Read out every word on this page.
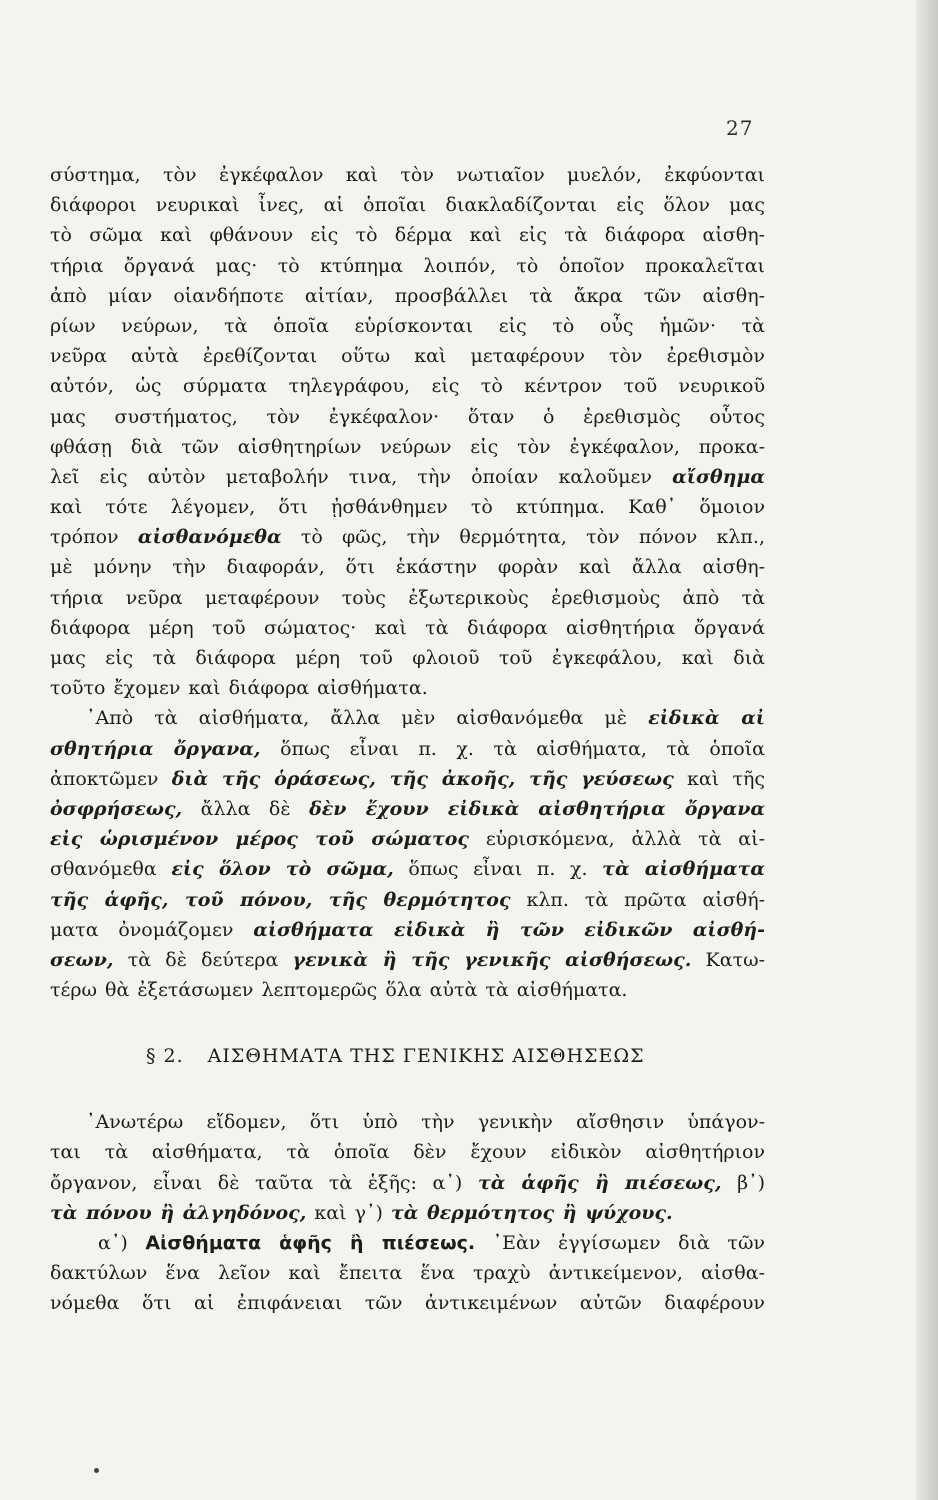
27
σύστημα, τὸν ἐγκέφαλον καὶ τὸν νωτιαῖον μυελόν, ἐκφύονται
διάφοροι νευρικαὶ ἶνες, αἱ ὁποῖαι διακλαδίζονται εἰς ὅλον μας
τὸ σῶμα καὶ φθάνουν εἰς τὸ δέρμα καὶ εἰς τὰ διάφορα αἰσθη-
τήρια ὄργανά μας· τὸ κτύπημα λοιπόν, τὸ ὁποῖον προκαλεῖται
ἀπὸ μίαν οἱανδήποτε αἰτίαν, προσβάλλει τὰ ἄκρα τῶν αἰσθη-
ρίων νεύρων, τὰ ὁποῖα εὑρίσκονται εἰς τὸ οὖς ἡμῶν· τὰ
νεῦρα αὐτὰ ἐρεθίζονται οὕτω καὶ μεταφέρουν τὸν ἐρεθισμὸν
αὐτόν, ὡς σύρματα τηλεγράφου, εἰς τὸ κέντρον τοῦ νευρικοῦ
μας συστήματος, τὸν ἐγκέφαλον· ὅταν ὁ ἐρεθισμὸς οὗτος
φθάσῃ διὰ τῶν αἰσθητηρίων νεύρων εἰς τὸν ἐγκέφαλον, προκα-
λεῖ εἰς αὐτὸν μεταβολήν τινα, τὴν ὁποίαν καλοῦμεν αἴσθημα
καὶ τότε λέγομεν, ὅτι ᾐσθάνθημεν τὸ κτύπημα. Καθ᾽ ὅμοιον
τρόπον αἰσθανόμεθα τὸ φῶς, τὴν θερμότητα, τὸν πόνον κλπ.,
μὲ μόνην τὴν διαφοράν, ὅτι ἑκάστην φορὰν καὶ ἄλλα αἰσθη-
τήρια νεῦρα μεταφέρουν τοὺς ἐξωτερικοὺς ἐρεθισμοὺς ἀπὸ τὰ
διάφορα μέρη τοῦ σώματος· καὶ τὰ διάφορα αἰσθητήρια ὄργανά
μας εἰς τὰ διάφορα μέρη τοῦ φλοιοῦ τοῦ ἐγκεφάλου, καὶ διὰ
τοῦτο ἔχομεν καὶ διάφορα αἰσθήματα.
᾽Απὸ τὰ αἰσθήματα, ἄλλα μὲν αἰσθανόμεθα μὲ εἰδικὰ αἰ
σθητήρια ὄργανα, ὅπως εἶναι π. χ. τὰ αἰσθήματα, τὰ ὁποῖα
ἀποκτῶμεν διὰ τῆς ὁράσεως, τῆς ἀκοῆς, τῆς γεύσεως καὶ τῆς
ὀσφρήσεως, ἄλλα δὲ δὲν ἔχουν εἰδικὰ αἰσθητήρια ὄργανα
εἰς ὡρισμένον μέρος τοῦ σώματος εὑρισκόμενα, ἀλλὰ τὰ αἰ-
σθανόμεθα εἰς ὅλον τὸ σῶμα, ὅπως εἶναι π. χ. τὰ αἰσθήματα
τῆς ἁφῆς, τοῦ πόνου, τῆς θερμότητος κλπ. τὰ πρῶτα αἰσθή-
ματα ὀνομάζομεν αἰσθήματα εἰδικὰ ἢ τῶν εἰδικῶν αἰσθή-
σεων, τὰ δὲ δεύτερα γενικὰ ἢ τῆς γενικῆς αἰσθήσεως. Κατω-
τέρω θὰ ἐξετάσωμεν λεπτομερῶς ὅλα αὐτὰ τὰ αἰσθήματα.
§ 2. ΑΙΣΘΗΜΑΤΑ ΤΗΣ ΓΕΝΙΚΗΣ ΑΙΣΘΗΣΕΩΣ
᾽Ανωτέρω εἴδομεν, ὅτι ὑπὸ τὴν γενικὴν αἴσθησιν ὑπάγον-
ται τὰ αἰσθήματα, τὰ ὁποῖα δὲν ἔχουν εἰδικὸν αἰσθητήριον
ὄργανον, εἶναι δὲ ταῦτα τὰ ἑξῆς: α᾽) τὰ ἁφῆς ἢ πιέσεως, β᾽)
τὰ πόνου ἢ ἀλγηδόνος, καὶ γ᾽) τὰ θερμότητος ἢ ψύχους.
α᾽) Αἰσθήματα ἁφῆς ἢ πιέσεως. ᾽Εὰν ἐγγίσωμεν διὰ τῶν
δακτύλων ἕνα λεῖον καὶ ἔπειτα ἕνα τραχὺ ἀντικείμενον, αἰσθα-
νόμεθα ὅτι αἱ ἐπιφάνειαι τῶν ἀντικειμένων αὐτῶν διαφέρουν
